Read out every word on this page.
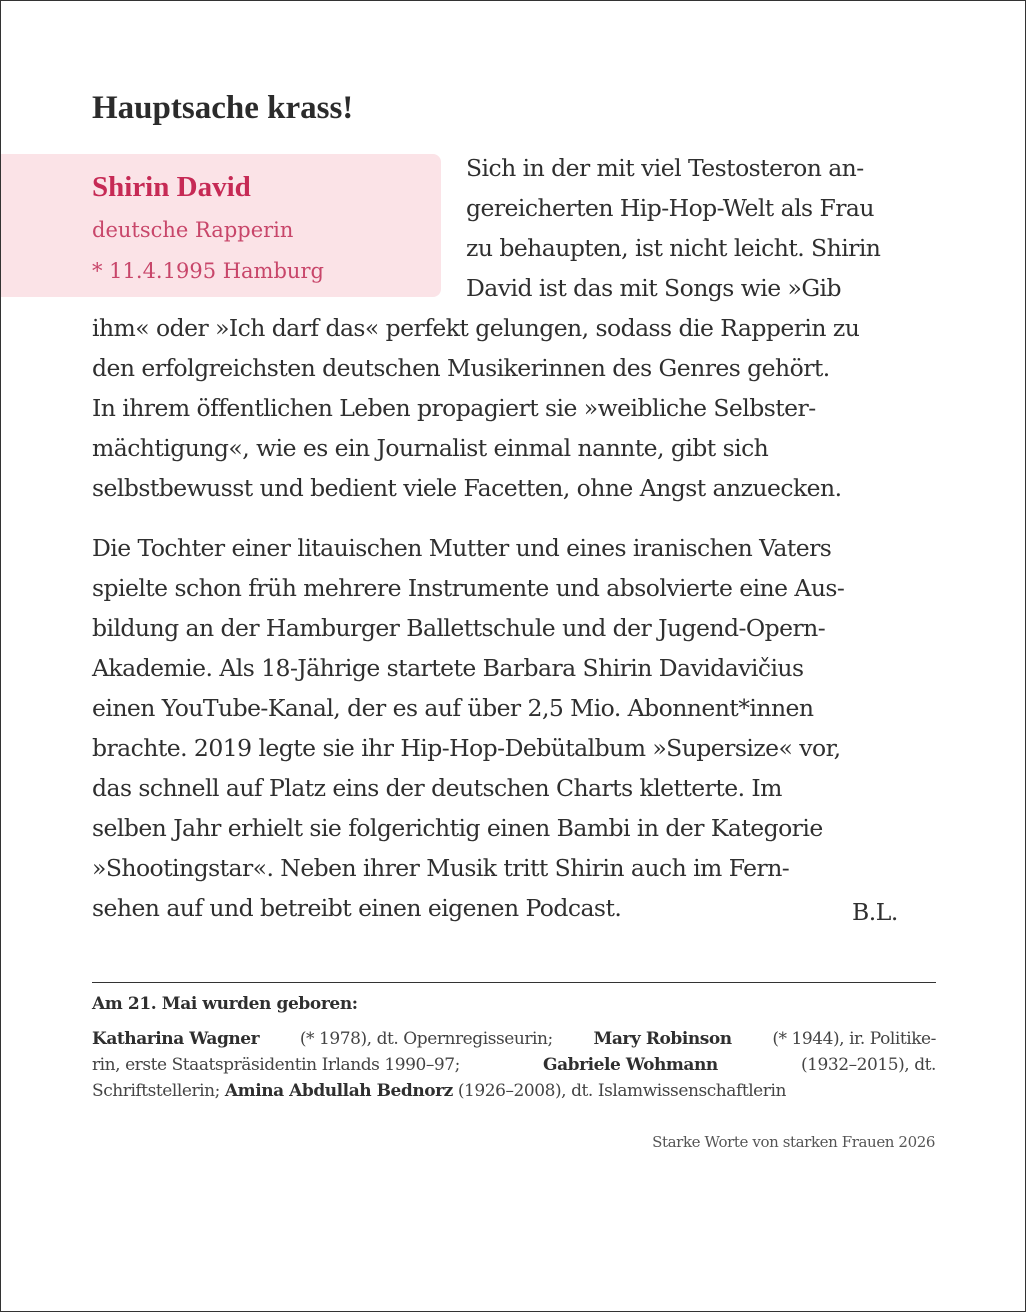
Hauptsache krass!
Shirin David
deutsche Rapperin
* 11.4.1995 Hamburg
Sich in der mit viel Testosteron an-
gereicherten Hip-Hop-Welt als Frau
zu behaupten, ist nicht leicht. Shirin
David ist das mit Songs wie »Gib
ihm« oder »Ich darf das« perfekt gelungen, sodass die Rapperin zu
den erfolgreichsten deutschen Musikerinnen des Genres gehört.
In ihrem öffentlichen Leben propagiert sie »weibliche Selbster-
mächtigung«, wie es ein Journalist einmal nannte, gibt sich
selbstbewusst und bedient viele Facetten, ohne Angst anzuecken.
Die Tochter einer litauischen Mutter und eines iranischen Vaters
spielte schon früh mehrere Instrumente und absolvierte eine Aus-
bildung an der Hamburger Ballettschule und der Jugend-Opern-
Akademie. Als 18-Jährige startete Barbara Shirin Davidavičius
einen YouTube-Kanal, der es auf über 2,5 Mio. Abonnent*innen
brachte. 2019 legte sie ihr Hip-Hop-Debütalbum »Supersize« vor,
das schnell auf Platz eins der deutschen Charts kletterte. Im
selben Jahr erhielt sie folgerichtig einen Bambi in der Kategorie
»Shootingstar«. Neben ihrer Musik tritt Shirin auch im Fern-
sehen auf und betreibt einen eigenen Podcast.	B.L.
Am 21. Mai wurden geboren:
Katharina Wagner (* 1978), dt. Opernregisseurin; Mary Robinson (* 1944), ir. Politike-
rin, erste Staatspräsidentin Irlands 1990–97;	Gabriele Wohmann	(1932–2015), dt.
Schriftstellerin; Amina Abdullah Bednorz (1926–2008), dt. Islamwissenschaftlerin
Starke Worte von starken Frauen 2026
